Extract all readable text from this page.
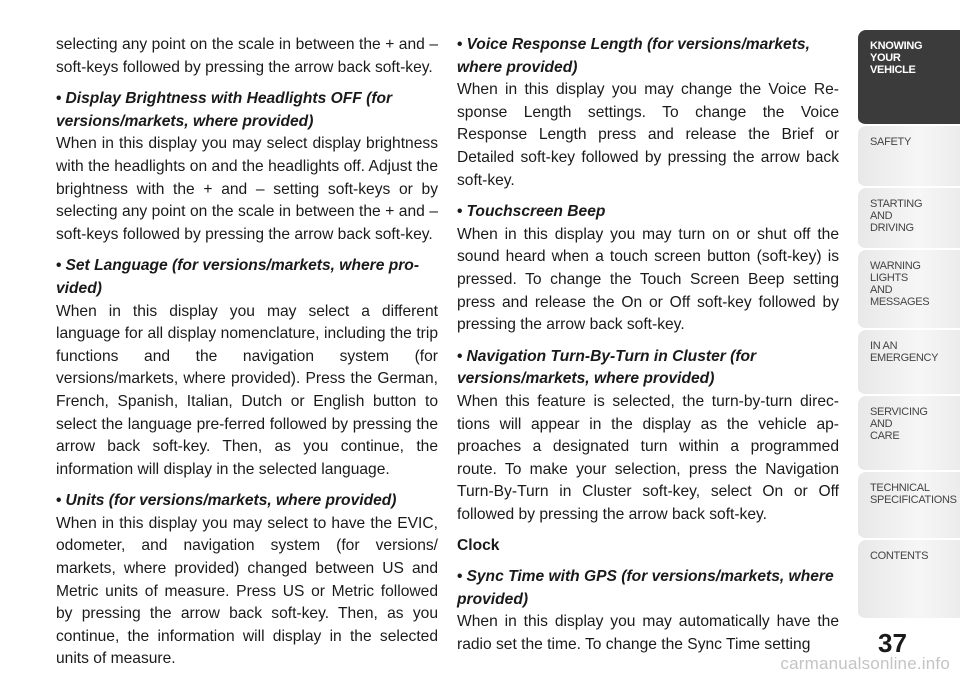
selecting any point on the scale in between the + and – soft-keys followed by pressing the arrow back soft-key.

• Display Brightness with Headlights OFF (for versions/markets, where provided)

When in this display you may select display brightness with the headlights on and the headlights off. Adjust the brightness with the + and – setting soft-keys or by selecting any point on the scale in between the + and – soft-keys followed by pressing the arrow back soft-key.

• Set Language (for versions/markets, where pro-vided)

When in this display you may select a different language for all display nomenclature, including the trip functions and the navigation system (for versions/markets, where provided). Press the German, French, Spanish, Italian, Dutch or English button to select the language pre-ferred followed by pressing the arrow back soft-key. Then, as you continue, the information will display in the selected language.

• Units (for versions/markets, where provided)

When in this display you may select to have the EVIC, odometer, and navigation system (for versions/ markets, where provided) changed between US and Metric units of measure. Press US or Metric followed by pressing the arrow back soft-key. Then, as you continue, the information will display in the selected units of measure.

• Voice Response Length (for versions/markets, where provided)

When in this display you may change the Voice Re-sponse Length settings. To change the Voice Response Length press and release the Brief or Detailed soft-key followed by pressing the arrow back soft-key.

• Touchscreen Beep

When in this display you may turn on or shut off the sound heard when a touch screen button (soft-key) is pressed. To change the Touch Screen Beep setting press and release the On or Off soft-key followed by pressing the arrow back soft-key.

• Navigation Turn-By-Turn in Cluster (for versions/markets, where provided)

When this feature is selected, the turn-by-turn direc-tions will appear in the display as the vehicle ap-proaches a designated turn within a programmed route. To make your selection, press the Navigation Turn-By-Turn in Cluster soft-key, select On or Off followed by pressing the arrow back soft-key.

Clock

• Sync Time with GPS (for versions/markets, where provided)

When in this display you may automatically have the radio set the time. To change the Sync Time setting

KNOWING
YOUR
VEHICLE
SAFETY
STARTING
AND
DRIVING
WARNING
LIGHTS
AND
MESSAGES
IN AN
EMERGENCY
SERVICING
AND
CARE
TECHNICAL
SPECIFICATIONS
CONTENTS
37
carmanualsonline.info
